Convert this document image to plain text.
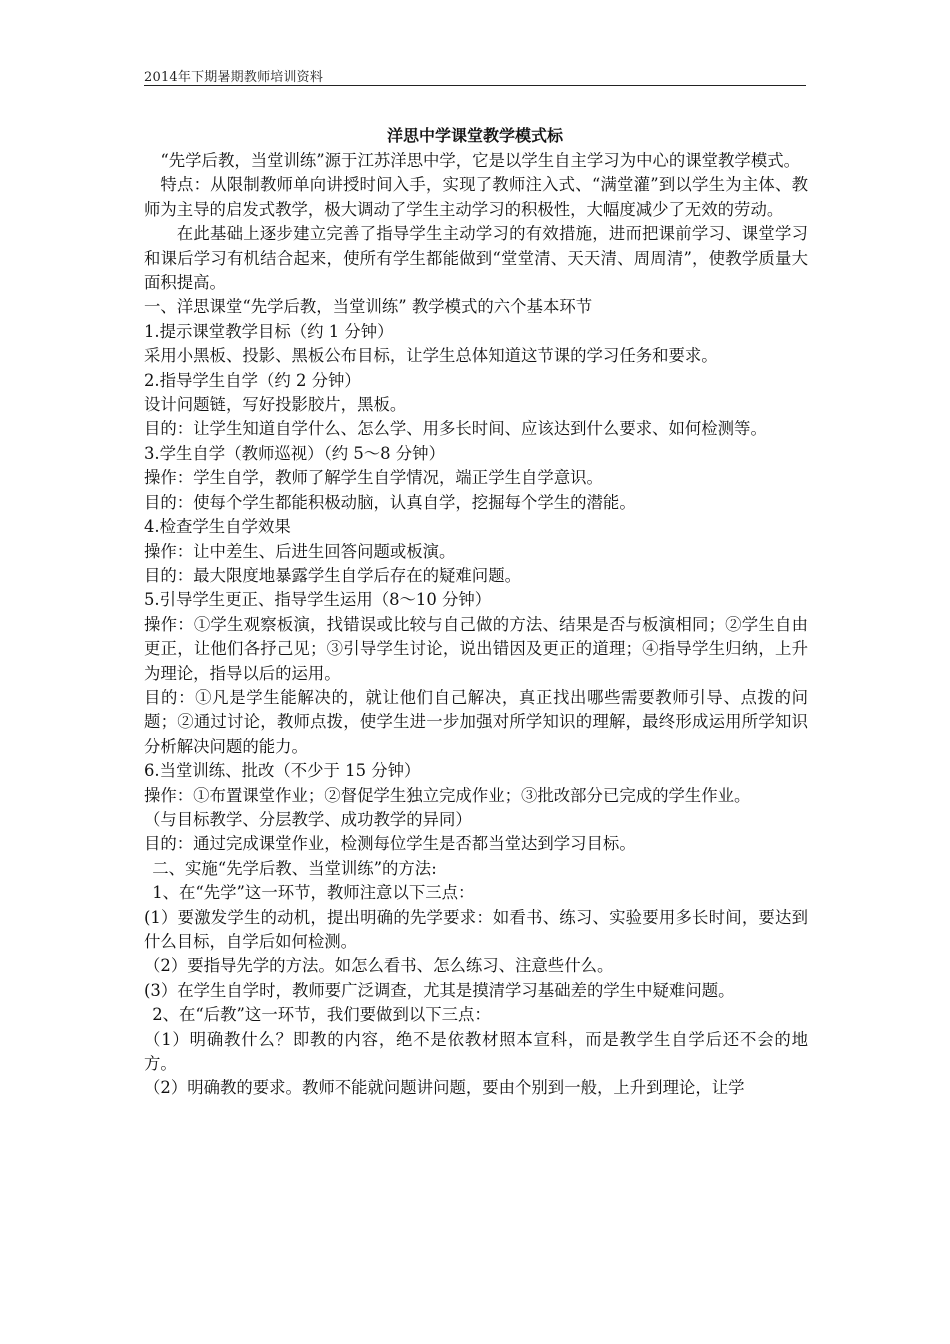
2014年下期暑期教师培训资料
洋思中学课堂教学模式标

“先学后教，当堂训练”源于江苏洋思中学，它是以学生自主学习为中心的课堂教学模式。

特点：从限制教师单向讲授时间入手，实现了教师注入式、“满堂灌”到以学生为主体、教师为主导的启发式教学，极大调动了学生主动学习的积极性，大幅度减少了无效的劳动。

在此基础上逐步建立完善了指导学生主动学习的有效措施，进而把课前学习、课堂学习和课后学习有机结合起来，使所有学生都能做到“堂堂清、天天清、周周清”，使教学质量大面积提高。

一、洋思课堂“先学后教，当堂训练” 教学模式的六个基本环节

1.提示课堂教学目标（约 1 分钟）

采用小黑板、投影、黑板公布目标，让学生总体知道这节课的学习任务和要求。

2.指导学生自学（约 2 分钟）

设计问题链，写好投影胶片，黑板。

目的：让学生知道自学什么、怎么学、用多长时间、应该达到什么要求、如何检测等。

3.学生自学（教师巡视）（约 5～8 分钟）

操作：学生自学，教师了解学生自学情况，端正学生自学意识。

目的：使每个学生都能积极动脑，认真自学，挖掘每个学生的潜能。

4.检查学生自学效果

操作：让中差生、后进生回答问题或板演。

目的：最大限度地暴露学生自学后存在的疑难问题。

5.引导学生更正、指导学生运用（8～10 分钟）

操作：①学生观察板演，找错误或比较与自己做的方法、结果是否与板演相同；②学生自由更正，让他们各抒己见；③引导学生讨论，说出错因及更正的道理；④指导学生归纳，上升为理论，指导以后的运用。

目的：①凡是学生能解决的，就让他们自己解决，真正找出哪些需要教师引导、点拨的问题；②通过讨论，教师点拨，使学生进一步加强对所学知识的理解，最终形成运用所学知识分析解决问题的能力。

6.当堂训练、批改（不少于 15 分钟）

操作：①布置课堂作业；②督促学生独立完成作业；③批改部分已完成的学生作业。

（与目标教学、分层教学、成功教学的异同）

目的：通过完成课堂作业，检测每位学生是否都当堂达到学习目标。

二、实施“先学后教、当堂训练”的方法:

1、在“先学”这一环节，教师注意以下三点：

(1）要激发学生的动机，提出明确的先学要求：如看书、练习、实验要用多长时间，要达到什么目标，自学后如何检测。

（2）要指导先学的方法。如怎么看书、怎么练习、注意些什么。

(3）在学生自学时，教师要广泛调查，尤其是摸清学习基础差的学生中疑难问题。

2、在“后教”这一环节，我们要做到以下三点：

（1）明确教什么？即教的内容，绝不是依教材照本宣科，而是教学生自学后还不会的地方。

（2）明确教的要求。教师不能就问题讲问题，要由个别到一般，上升到理论，让学
